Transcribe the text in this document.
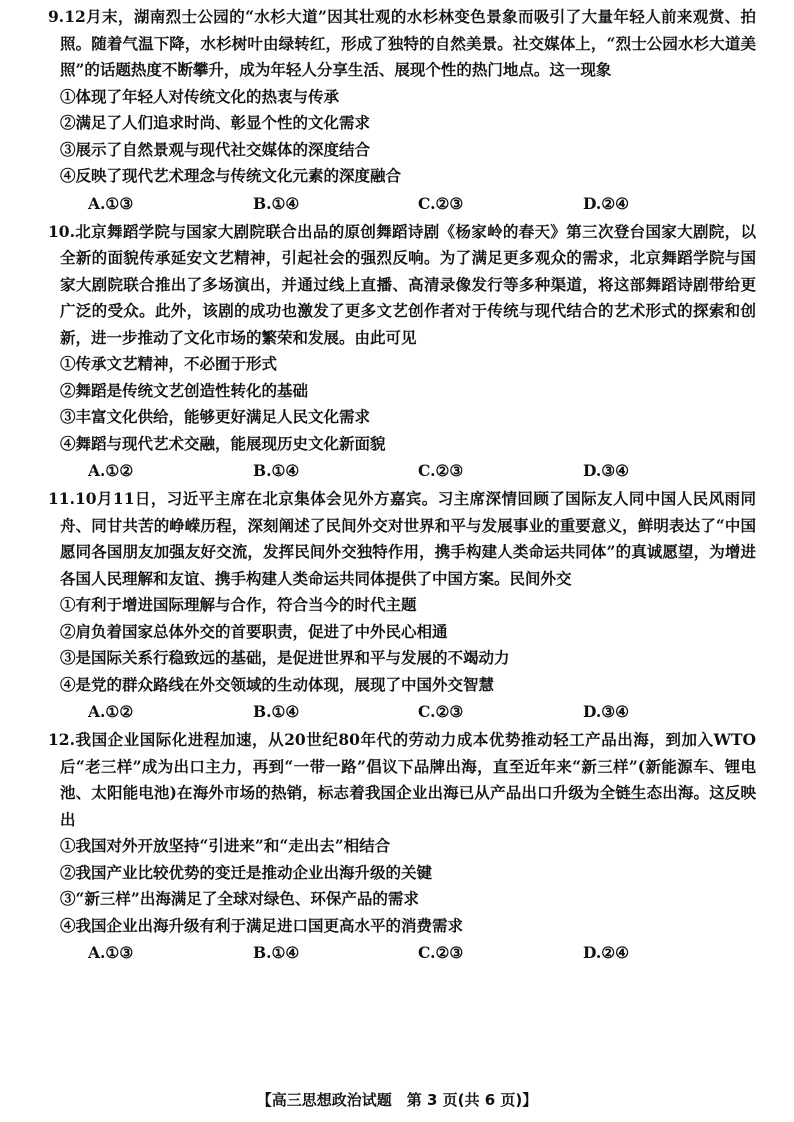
9.12月末，湖南烈士公园的“水杉大道”因其壮观的水杉林变色景象而吸引了大量年轻人前来观赏、拍照。随着气温下降，水杉树叶由绿转红，形成了独特的自然美景。社交媒体上，“烈士公园水杉大道美照”的话题热度不断攀升，成为年轻人分享生活、展现个性的热门地点。这一现象

①体现了年轻人对传统文化的热衷与传承

②满足了人们追求时尚、彰显个性的文化需求

③展示了自然景观与现代社交媒体的深度结合

④反映了现代艺术理念与传统文化元素的深度融合

A.①③	B.①④	C.②③	D.②④

10.北京舞蹈学院与国家大剧院联合出品的原创舞蹈诗剧《杨家岭的春天》第三次登台国家大剧院，以全新的面貌传承延安文艺精神，引起社会的强烈反响。为了满足更多观众的需求，北京舞蹈学院与国家大剧院联合推出了多场演出，并通过线上直播、高清录像发行等多种渠道，将这部舞蹈诗剧带给更广泛的受众。此外，该剧的成功也激发了更多文艺创作者对于传统与现代结合的艺术形式的探索和创新，进一步推动了文化市场的繁荣和发展。由此可见

①传承文艺精神，不必囿于形式

②舞蹈是传统文艺创造性转化的基础

③丰富文化供给，能够更好满足人民文化需求

④舞蹈与现代艺术交融，能展现历史文化新面貌

A.①②	B.①④	C.②③	D.③④

11.10月11日，习近平主席在北京集体会见外方嘉宾。习主席深情回顾了国际友人同中国人民风雨同舟、同甘共苦的峥嵘历程，深刻阐述了民间外交对世界和平与发展事业的重要意义，鲜明表达了“中国愿同各国朋友加强友好交流，发挥民间外交独特作用，携手构建人类命运共同体”的真诚愿望，为增进各国人民理解和友谊、携手构建人类命运共同体提供了中国方案。民间外交

①有利于增进国际理解与合作，符合当今的时代主题

②肩负着国家总体外交的首要职责，促进了中外民心相通

③是国际关系行稳致远的基础，是促进世界和平与发展的不竭动力

④是党的群众路线在外交领域的生动体现，展现了中国外交智慧

A.①②	B.①④	C.②③	D.③④

12.我国企业国际化进程加速，从20世纪80年代的劳动力成本优势推动轻工产品出海，到加入WTO后“老三样”成为出口主力，再到“一带一路”倡议下品牌出海，直至近年来“新三样”(新能源车、锂电池、太阳能电池)在海外市场的热销，标志着我国企业出海已从产品出口升级为全链生态出海。这反映出

①我国对外开放坚持“引进来”和“走出去”相结合

②我国产业比较优势的变迁是推动企业出海升级的关键

③“新三样”出海满足了全球对绿色、环保产品的需求

④我国企业出海升级有利于满足进口国更高水平的消费需求

A.①③	B.①④	C.②③	D.②④
【高三思想政治试题　第 3 页(共 6 页)】
